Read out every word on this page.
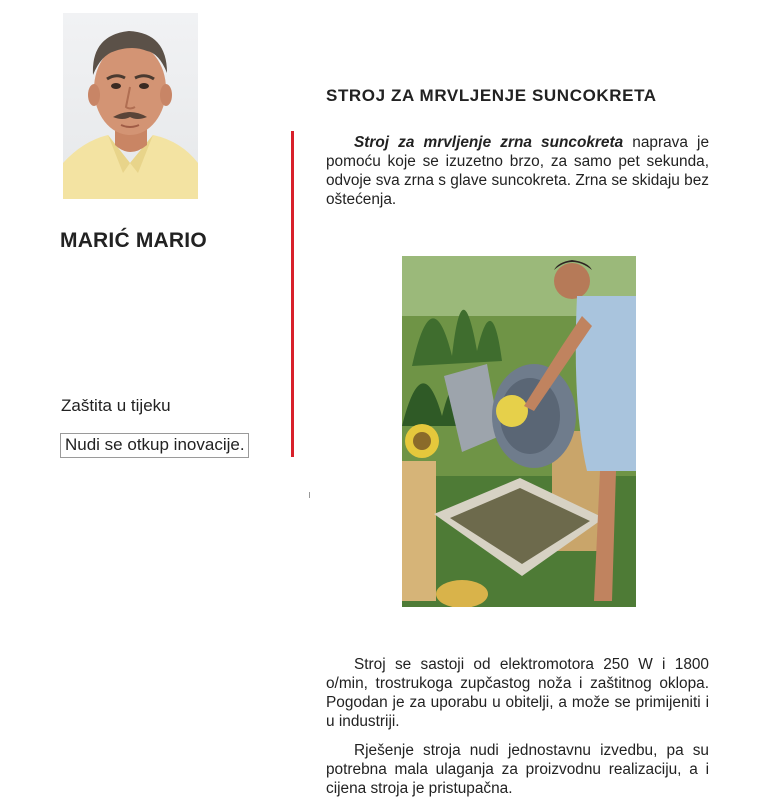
MARIĆ MARIO
Zaštita u tijeku
Nudi se otkup inovacije.
STROJ ZA MRVLJENJE SUNCOKRETA

Stroj za mrvljenje zrna suncokreta naprava je pomoću koje se izuzetno brzo, za samo pet sekunda, odvoje sva zrna s glave suncokreta. Zrna se skidaju bez oštećenja.

Stroj se sastoji od elektromotora 250 W i 1800 o/min, trostrukoga zupčastog noža i zaštitnog oklopa. Pogodan je za uporabu u obitelji, a može se primijeniti i u industriji.

Rješenje stroja nudi jednostavnu izvedbu, pa su potrebna mala ulaganja za proizvodnu realizaciju, a i cijena stroja je pristupačna.
